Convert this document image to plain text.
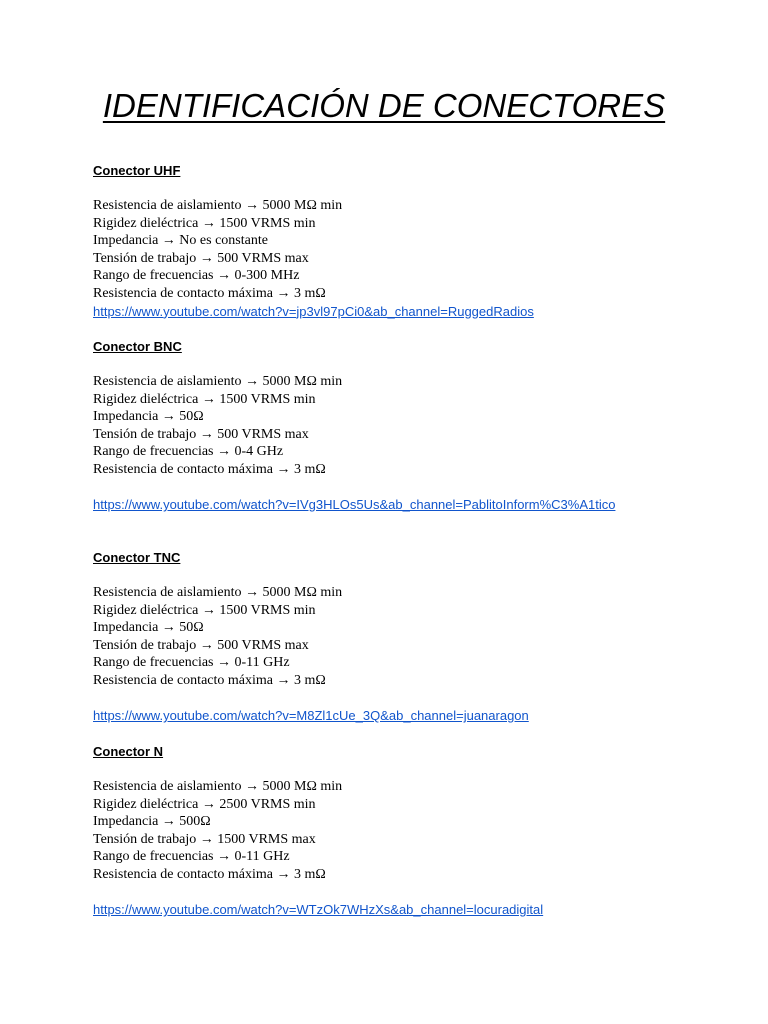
IDENTIFICACIÓN DE CONECTORES
Conector UHF
Resistencia de aislamiento → 5000 MΩ min
Rigidez dieléctrica → 1500 VRMS min
Impedancia → No es constante
Tensión de trabajo → 500 VRMS max
Rango de frecuencias → 0-300 MHz
Resistencia de contacto máxima → 3 mΩ
https://www.youtube.com/watch?v=jp3vl97pCi0&ab_channel=RuggedRadios
Conector BNC
Resistencia de aislamiento → 5000 MΩ min
Rigidez dieléctrica → 1500 VRMS min
Impedancia → 50Ω
Tensión de trabajo → 500 VRMS max
Rango de frecuencias → 0-4 GHz
Resistencia de contacto máxima → 3 mΩ
https://www.youtube.com/watch?v=IVg3HLOs5Us&ab_channel=PablitoInform%C3%A1tico
Conector TNC
Resistencia de aislamiento → 5000 MΩ min
Rigidez dieléctrica → 1500 VRMS min
Impedancia → 50Ω
Tensión de trabajo → 500 VRMS max
Rango de frecuencias → 0-11 GHz
Resistencia de contacto máxima → 3 mΩ
https://www.youtube.com/watch?v=M8Zl1cUe_3Q&ab_channel=juanaragon
Conector N
Resistencia de aislamiento → 5000 MΩ min
Rigidez dieléctrica → 2500 VRMS min
Impedancia → 500Ω
Tensión de trabajo → 1500 VRMS max
Rango de frecuencias → 0-11 GHz
Resistencia de contacto máxima → 3 mΩ
https://www.youtube.com/watch?v=WTzOk7WHzXs&ab_channel=locuradigital
